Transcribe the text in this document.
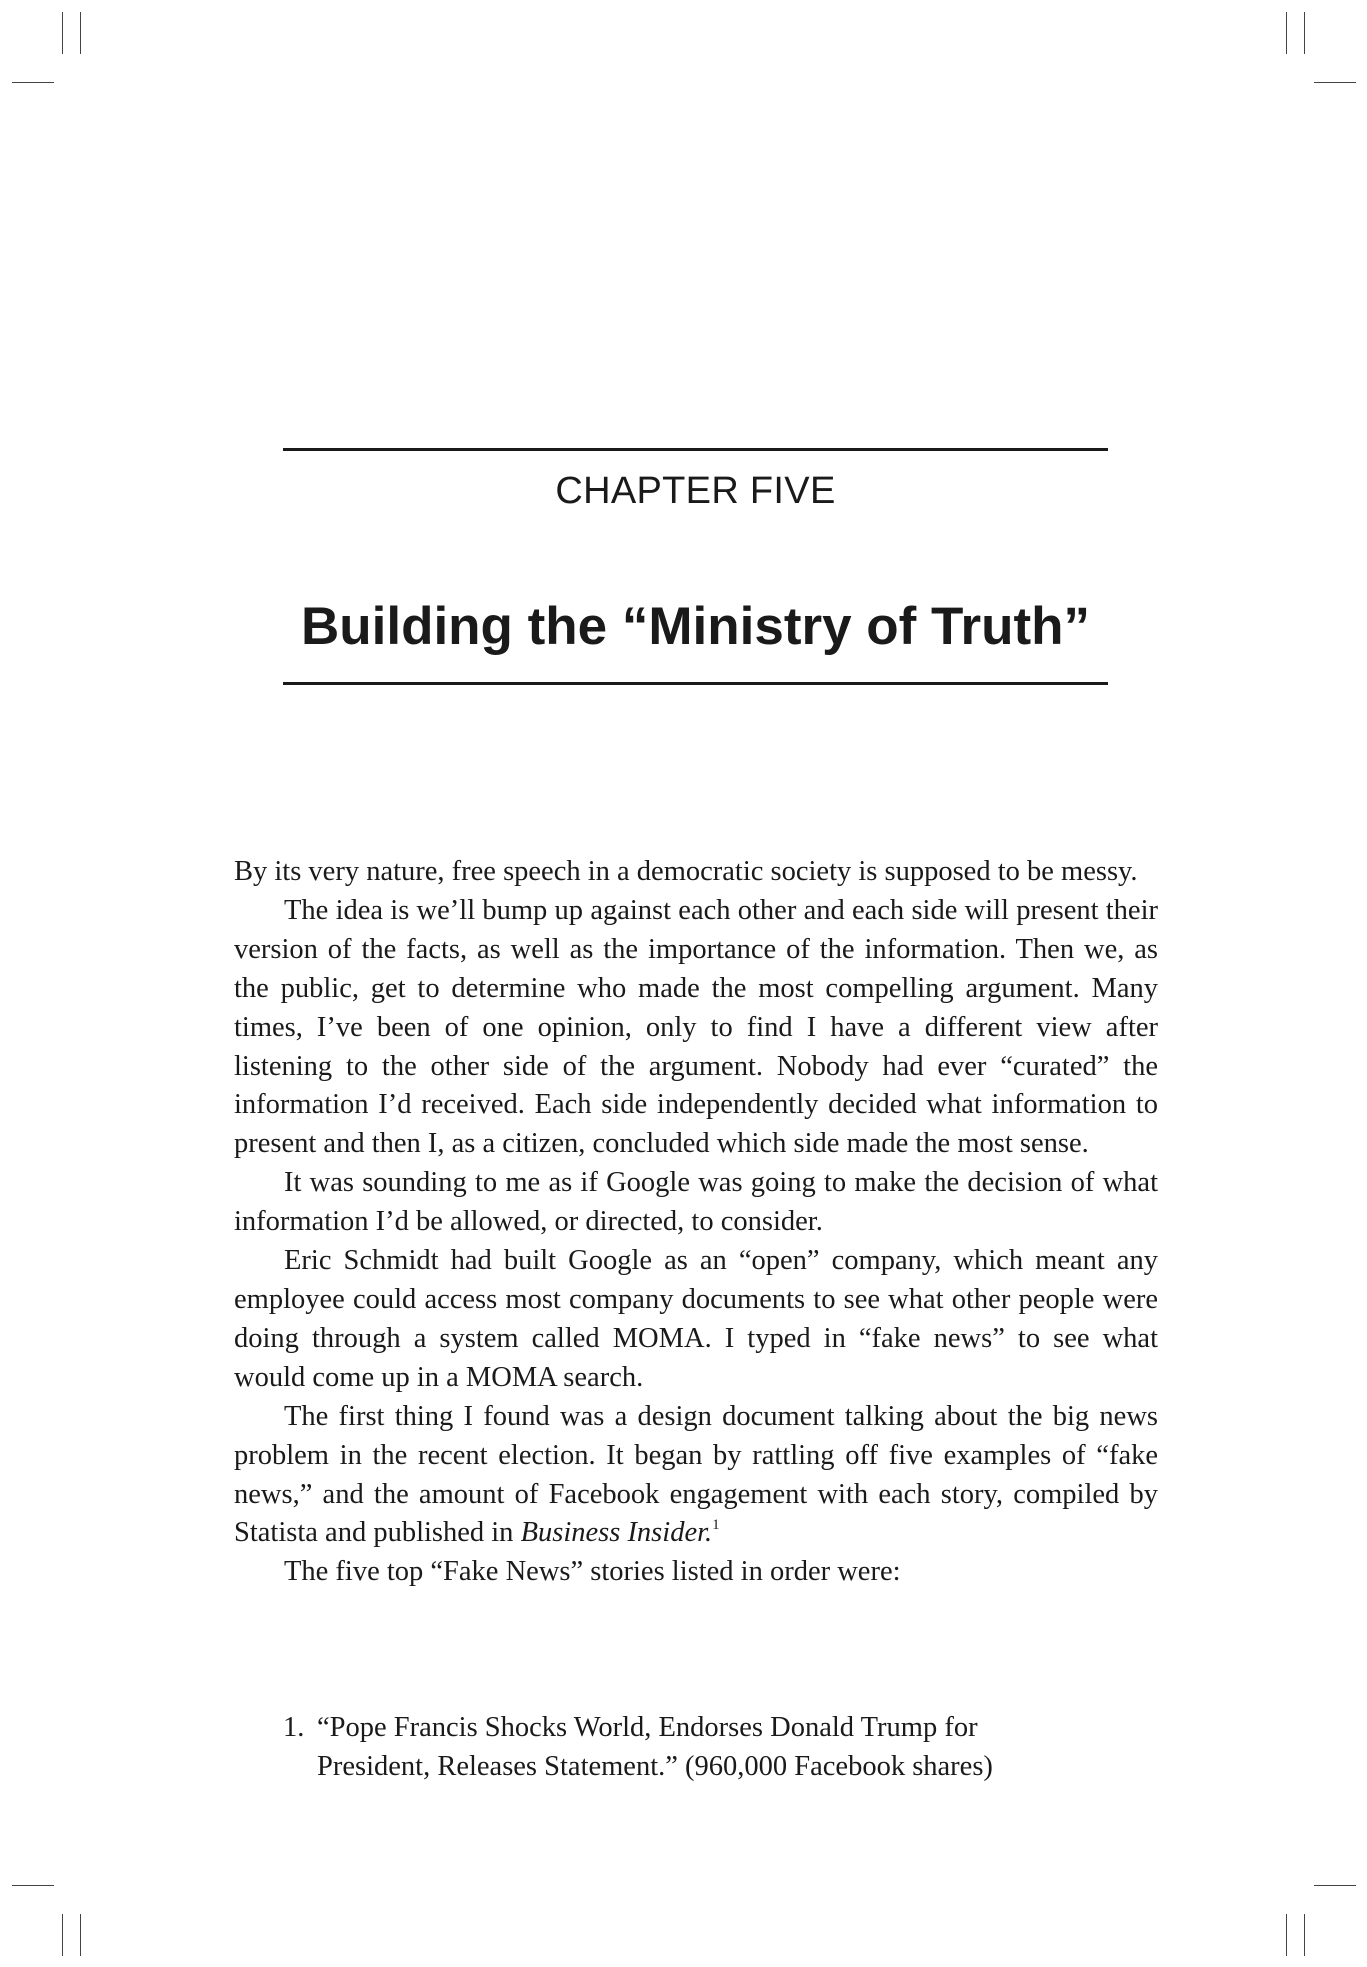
CHAPTER FIVE
Building the “Ministry of Truth”

By its very nature, free speech in a democratic society is supposed to be messy.

The idea is we’ll bump up against each other and each side will present their version of the facts, as well as the importance of the information. Then we, as the public, get to determine who made the most compelling argument. Many times, I’ve been of one opinion, only to find I have a different view after listening to the other side of the argument. Nobody had ever “curated” the information I’d received. Each side independently decided what information to present and then I, as a citizen, concluded which side made the most sense.

It was sounding to me as if Google was going to make the decision of what information I’d be allowed, or directed, to consider.

Eric Schmidt had built Google as an “open” company, which meant any employee could access most company documents to see what other people were doing through a system called MOMA. I typed in “fake news” to see what would come up in a MOMA search.

The first thing I found was a design document talking about the big news problem in the recent election. It began by rattling off five examples of “fake news,” and the amount of Facebook engagement with each story, compiled by Statista and published in Business Insider.$^1$

The five top “Fake News” stories listed in order were:

1. “Pope Francis Shocks World, Endorses Donald Trump for President, Releases Statement.” (960,000 Facebook shares)
